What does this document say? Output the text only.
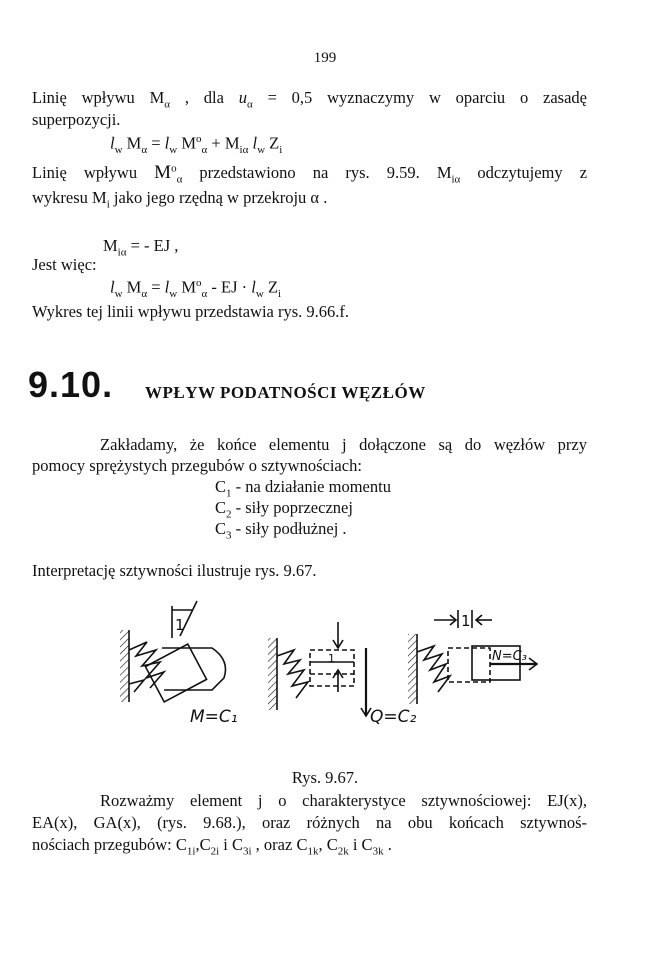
199
Linię wpływu $M_\alpha$ , dla $u_\alpha = 0,5$ wyznaczymy w oparciu o zasadę
superpozycji.
$l_w$ $M_\alpha = l_w$ $M^o_\alpha + M_{i\alpha}$ $l_w$ $Z_i$
Linię wpływu $M^o_\alpha$ przedstawiono na rys. 9.59. $M_{i\alpha}$ odczytujemy z
wykresu $M_i$ jako jego rzędną w przekroju α .
$M_{i\alpha}$ = - EJ ,
Jest więc:
$l_w$ $M_\alpha = l_w$ $M^o_\alpha$ - EJ · $l_w$ $Z_i$
Wykres tej linii wpływu przedstawia rys. 9.66.f.
9.10. WPŁYW PODATNOŚCI WĘZŁÓW
Zakładamy, że końce elementu j dołączone są do węzłów przy
pomocy sprężystych przegubów o sztywnościach:
$C_1$ - na działanie momentu
$C_2$ - siły poprzecznej
$C_3$ - siły podłużnej .
Interpretację sztywności ilustruje rys. 9.67.
1
M=C₁
1
Q=C₂
1
N=C₃
Rys. 9.67.
Rozważmy element j o charakterystyce sztywnościowej: EJ(x),
EA(x), GA(x), (rys. 9.68.), oraz różnych na obu końcach sztywnoś-
nościach przegubów: $C_{1i},C_{2i}$ i $C_{3i}$ , oraz $C_{1k}$, $C_{2k}$ i $C_{3k}$ .
